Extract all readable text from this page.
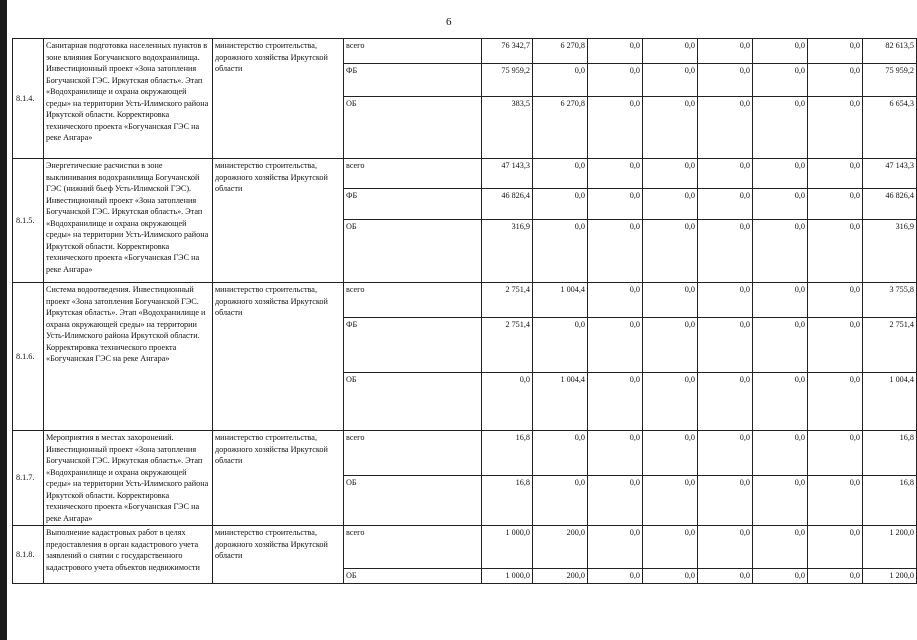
6
8.1.4.	Санитарная подготовка населенных пунктов в зоне влияния Богучанского водохранилища. Инвестиционный проект «Зона затопления Богучанской ГЭС. Иркутская область». Этап «Водохранилище и охрана окружающей среды» на территории Усть-Илимского района Иркутской области. Корректировка технического проекта «Богучанская ГЭС на реке Ангара»	министерство строительства, дорожного хозяйства Иркутской области	всего	76 342,7	6 270,8	0,0	0,0	0,0	0,0	0,0	82 613,5
			ФБ	75 959,2	0,0	0,0	0,0	0,0	0,0	0,0	75 959,2
			ОБ	383,5	6 270,8	0,0	0,0	0,0	0,0	0,0	6 654,3
8.1.5.	Энергетические расчистки в зоне выклинивания водохранилища Богучанской ГЭС (нижний бьеф Усть-Илимской ГЭС). Инвестиционный проект «Зона затопления Богучанской ГЭС. Иркутская область». Этап «Водохранилище и охрана окружающей среды» на территории Усть-Илимского района Иркутской области. Корректировка технического проекта «Богучанская ГЭС на реке Ангара»	министерство строительства, дорожного хозяйства Иркутской области	всего	47 143,3	0,0	0,0	0,0	0,0	0,0	0,0	47 143,3
			ФБ	46 826,4	0,0	0,0	0,0	0,0	0,0	0,0	46 826,4
			ОБ	316,9	0,0	0,0	0,0	0,0	0,0	0,0	316,9
8.1.6.	Система водоотведения. Инвестиционный проект «Зона затопления Богучанской ГЭС. Иркутская область». Этап «Водохранилище и охрана окружающей среды» на территории Усть-Илимского района Иркутской области. Корректировка технического проекта «Богучанская ГЭС на реке Ангара»	министерство строительства, дорожного хозяйства Иркутской области	всего	2 751,4	1 004,4	0,0	0,0	0,0	0,0	0,0	3 755,8
			ФБ	2 751,4	0,0	0,0	0,0	0,0	0,0	0,0	2 751,4
			ОБ	0,0	1 004,4	0,0	0,0	0,0	0,0	0,0	1 004,4
8.1.7.	Мероприятия в местах захоронений. Инвестиционный проект «Зона затопления Богучанской ГЭС. Иркутская область». Этап «Водохранилище и охрана окружающей среды» на территории Усть-Илимского района Иркутской области. Корректировка технического проекта «Богучанская ГЭС на реке Ангара»	министерство строительства, дорожного хозяйства Иркутской области	всего	16,8	0,0	0,0	0,0	0,0	0,0	0,0	16,8
			ОБ	16,8	0,0	0,0	0,0	0,0	0,0	0,0	16,8
8.1.8.	Выполнение кадастровых работ в целях предоставления в орган кадастрового учета заявлений о снятии с государственного кадастрового учета объектов недвижимости	министерство строительства, дорожного хозяйства Иркутской области	всего	1 000,0	200,0	0,0	0,0	0,0	0,0	0,0	1 200,0
			ОБ	1 000,0	200,0	0,0	0,0	0,0	0,0	0,0	1 200,0
